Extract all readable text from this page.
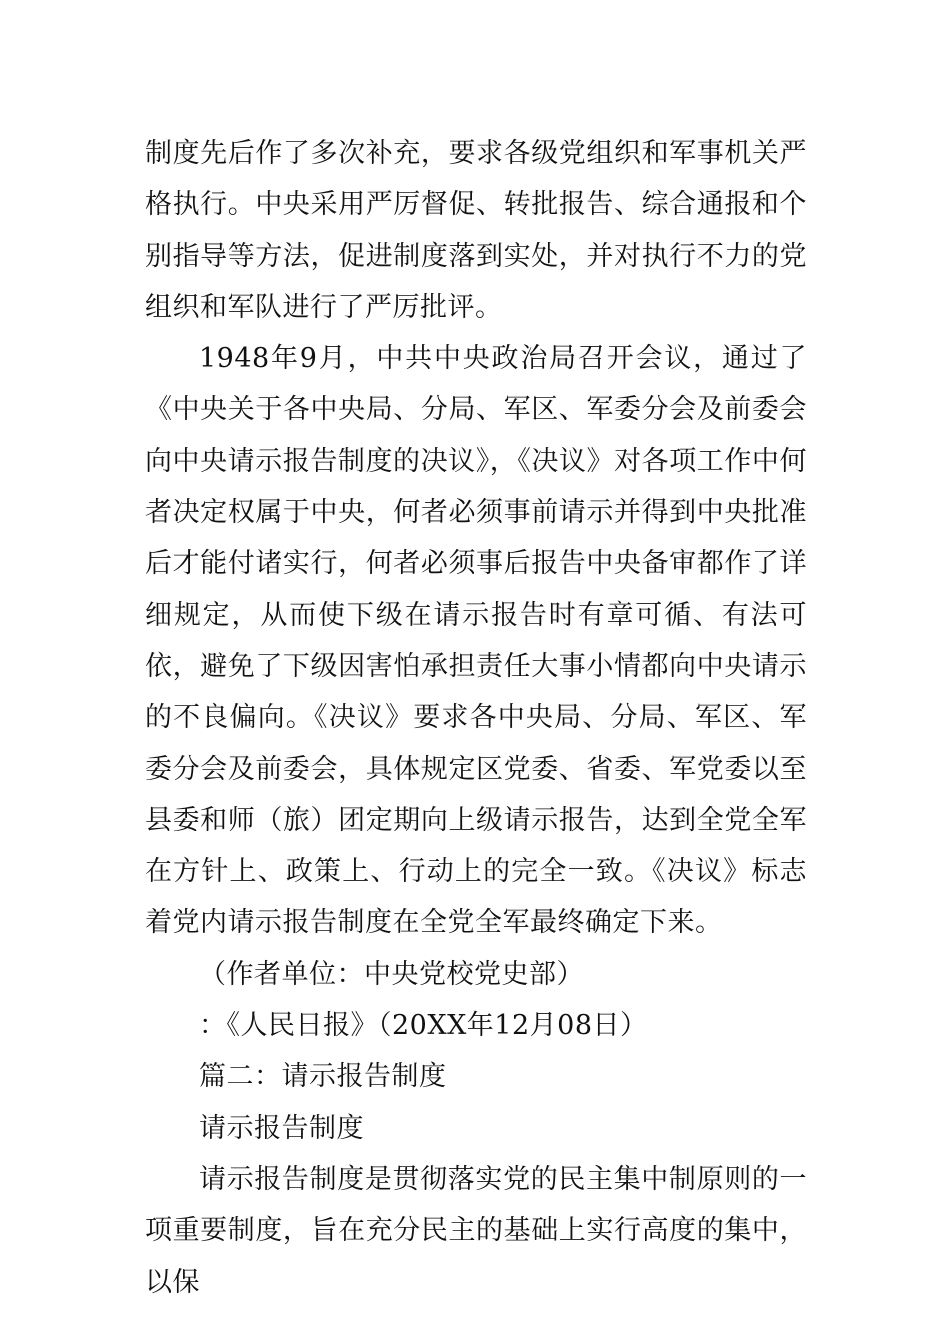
制度先后作了多次补充，要求各级党组织和军事机关严格执行。中央采用严厉督促、转批报告、综合通报和个别指导等方法，促进制度落到实处，并对执行不力的党组织和军队进行了严厉批评。

1948年9月，中共中央政治局召开会议，通过了《中央关于各中央局、分局、军区、军委分会及前委会向中央请示报告制度的决议》，《决议》对各项工作中何者决定权属于中央，何者必须事前请示并得到中央批准后才能付诸实行，何者必须事后报告中央备审都作了详细规定，从而使下级在请示报告时有章可循、有法可依，避免了下级因害怕承担责任大事小情都向中央请示的不良偏向。《决议》要求各中央局、分局、军区、军委分会及前委会，具体规定区党委、省委、军党委以至县委和师（旅）团定期向上级请示报告，达到全党全军在方针上、政策上、行动上的完全一致。《决议》标志着党内请示报告制度在全党全军最终确定下来。

（作者单位：中央党校党史部）

：《人民日报》（20XX年12月08日）

篇二：请示报告制度

请示报告制度

请示报告制度是贯彻落实党的民主集中制原则的一项重要制度，旨在充分民主的基础上实行高度的集中，以保
